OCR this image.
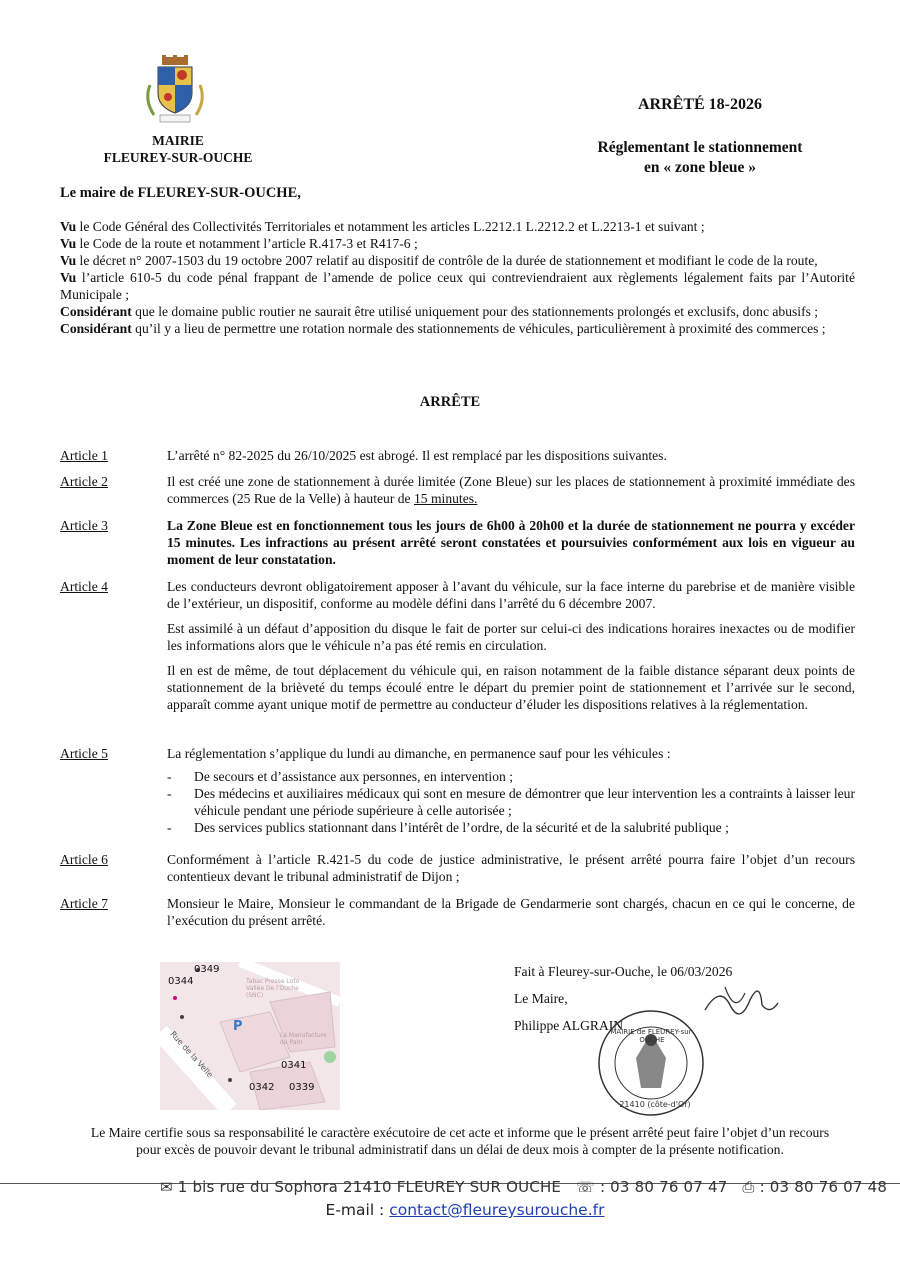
MAIRIE
FLEUREY-SUR-OUCHE
ARRÊTÉ 18-2026
Réglementant le stationnement
en « zone bleue »
Le maire de FLEUREY-SUR-OUCHE,

Vu le Code Général des Collectivités Territoriales et notamment les articles L.2212.1 L.2212.2 et L.2213-1 et suivant ;

Vu le Code de la route et notamment l’article R.417-3 et R417-6 ;

Vu le décret n° 2007-1503 du 19 octobre 2007 relatif au dispositif de contrôle de la durée de stationnement et modifiant le code de la route,

Vu l’article 610-5 du code pénal frappant de l’amende de police ceux qui contreviendraient aux règlements légalement faits par l’Autorité Municipale ;

Considérant que le domaine public routier ne saurait être utilisé uniquement pour des stationnements prolongés et exclusifs, donc abusifs ;

Considérant qu’il y a lieu de permettre une rotation normale des stationnements de véhicules, particulièrement à proximité des commerces ;

ARRÊTE
Article 1	L’arrêté n° 82-2025 du 26/10/2025 est abrogé. Il est remplacé par les dispositions suivantes.
Article 2	Il est créé une zone de stationnement à durée limitée (Zone Bleue) sur les places de stationnement à proximité immédiate des commerces (25 Rue de la Velle) à hauteur de 15 minutes.
Article 3	La Zone Bleue est en fonctionnement tous les jours de 6h00 à 20h00 et la durée de stationnement ne pourra y excéder 15 minutes. Les infractions au présent arrêté seront constatées et poursuivies conformément aux lois en vigueur au moment de leur constatation.
Article 4	Les conducteurs devront obligatoirement apposer à l’avant du véhicule, sur la face interne du parebrise et de manière visible de l’extérieur, un dispositif, conforme au modèle défini dans l’arrêté du 6 décembre 2007.

Est assimilé à un défaut d’apposition du disque le fait de porter sur celui-ci des indications horaires inexactes ou de modifier les informations alors que le véhicule n’a pas été remis en circulation.

Il en est de même, de tout déplacement du véhicule qui, en raison notamment de la faible distance séparant deux points de stationnement de la brièveté du temps écoulé entre le départ du premier point de stationnement et l’arrivée sur le second, apparaît comme ayant unique motif de permettre au conducteur d’éluder les dispositions relatives à la réglementation.

Article 5	La réglementation s’applique du lundi au dimanche, en permanence sauf pour les véhicules :
- De secours et d’assistance aux personnes, en intervention ;
- Des médecins et auxiliaires médicaux qui sont en mesure de démontrer que leur intervention les a contraints à laisser leur véhicule pendant une période supérieure à celle autorisée ;
- Des services publics stationnant dans l’intérêt de l’ordre, de la sécurité et de la salubrité publique ;
Article 6	Conformément à l’article R.421-5 du code de justice administrative, le présent arrêté pourra faire l’objet d’un recours contentieux devant le tribunal administratif de Dijon ;
Article 7	Monsieur le Maire, Monsieur le commandant de la Brigade de Gendarmerie sont chargés, chacun en ce qui le concerne, de l’exécution du présent arrêté.
0349
0344
0341
0342 0339
P
Rue de la Velle
Tabac Presse Loto Vallée De l'Ouche (SNC)
La Manufacture du Pain
Fait à Fleurey-sur-Ouche, le 06/03/2026
Le Maire,
Philippe ALGRAIN
Le Maire certifie sous sa responsabilité le caractère exécutoire de cet acte et informe que le présent arrêté peut faire l’objet d’un recours pour excès de pouvoir devant le tribunal administratif dans un délai de deux mois à compter de la présente notification.
✉ 1 bis rue du Sophora 21410 FLEUREY SUR OUCHE ☏ : 03 80 76 07 47 ⎙ : 03 80 76 07 48
E-mail : contact@fleureysurouche.fr
MAIRIE de FLEUREY-sur-OUCHE
21410 (côte-d'Or)
